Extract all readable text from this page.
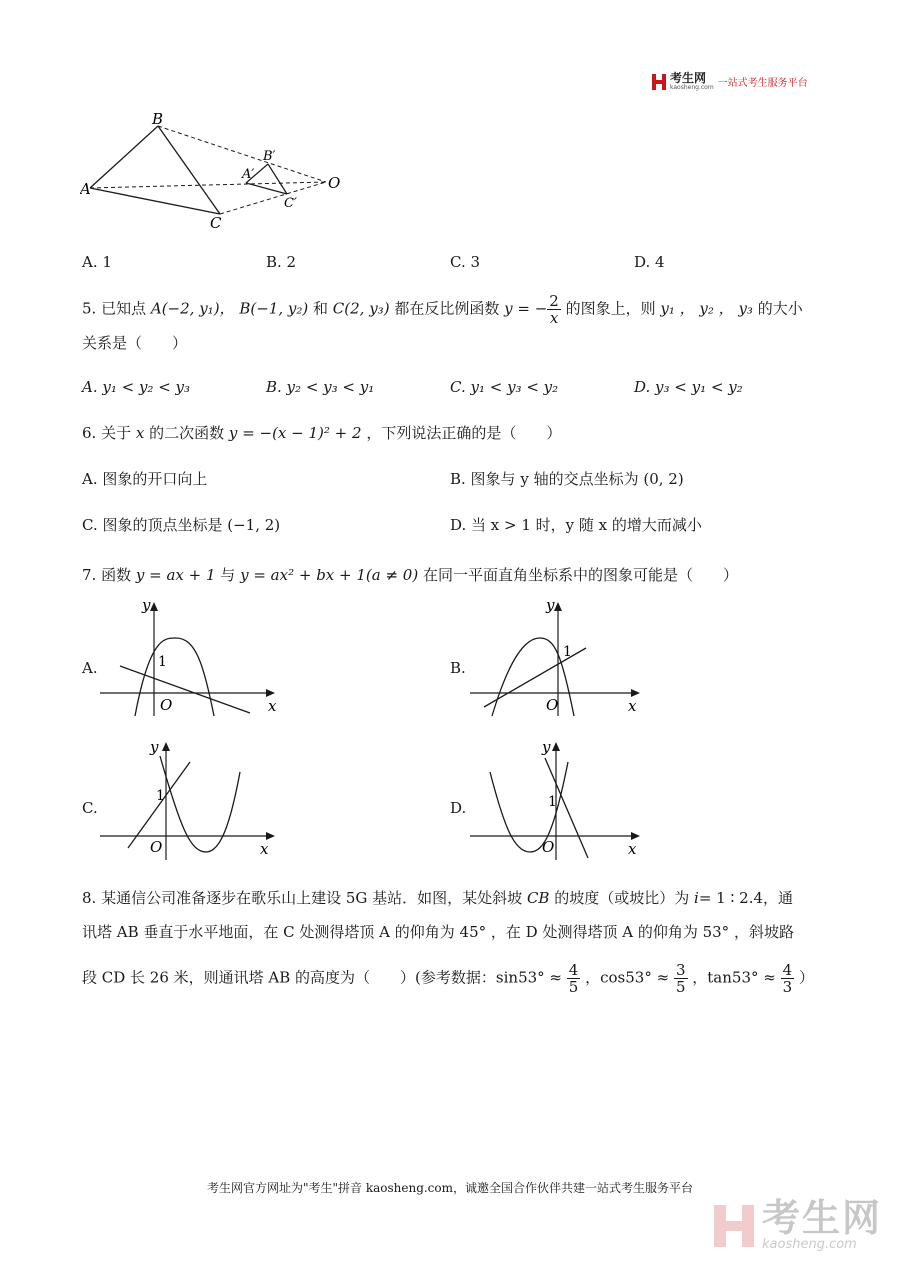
考生网
kaosheng.com 一站式考生服务平台
A
B
C
A′
B′
C′
O
A. 1	B. 2	C. 3	D. 4
5. 已知点 A(−2, y₁)， B(−1, y₂) 和 C(2, y₃) 都在反比例函数 y = − $\frac{2}{x}$ 的图象上，则 y₁ ， y₂ ， y₃ 的大小
关系是（　　）
A. y₁ < y₂ < y₃	B. y₂ < y₃ < y₁	C. y₁ < y₃ < y₂	D. y₃ < y₁ < y₂
6. 关于 x 的二次函数 y = −(x − 1)² + 2 ，下列说法正确的是（　　）
A. 图象的开口向上	B. 图象与 y 轴的交点坐标为 (0, 2)
C. 图象的顶点坐标是 (−1, 2)	D. 当 x > 1 时，y 随 x 的增大而减小
7. 函数 y = ax + 1 与 y = ax² + bx + 1(a ≠ 0) 在同一平面直角坐标系中的图象可能是（　　）
A.	B.
C.	D.
x
y
O
1
x
y
O
1
x
y
O
1
x
y
O
1
8. 某通信公司准备逐步在歌乐山上建设 5G 基站．如图，某处斜坡 CB 的坡度（或坡比）为 i= 1 ∶ 2.4，通
讯塔 AB 垂直于水平地面，在 C 处测得塔顶 A 的仰角为 45° ，在 D 处测得塔顶 A 的仰角为 53° ，斜坡路
段 CD 长 26 米，则通讯塔 AB 的高度为（　　）(参考数据：$\sin 53^\circ \approx \frac{4}{5}$ ，$\cos 53^\circ \approx \frac{3}{5}$ ，$\tan 53^\circ \approx \frac{4}{3}$ ）
考生网官方网址为"考生"拼音 kaosheng.com，诚邀全国合作伙伴共建一站式考生服务平台
考生网
kaosheng.com
